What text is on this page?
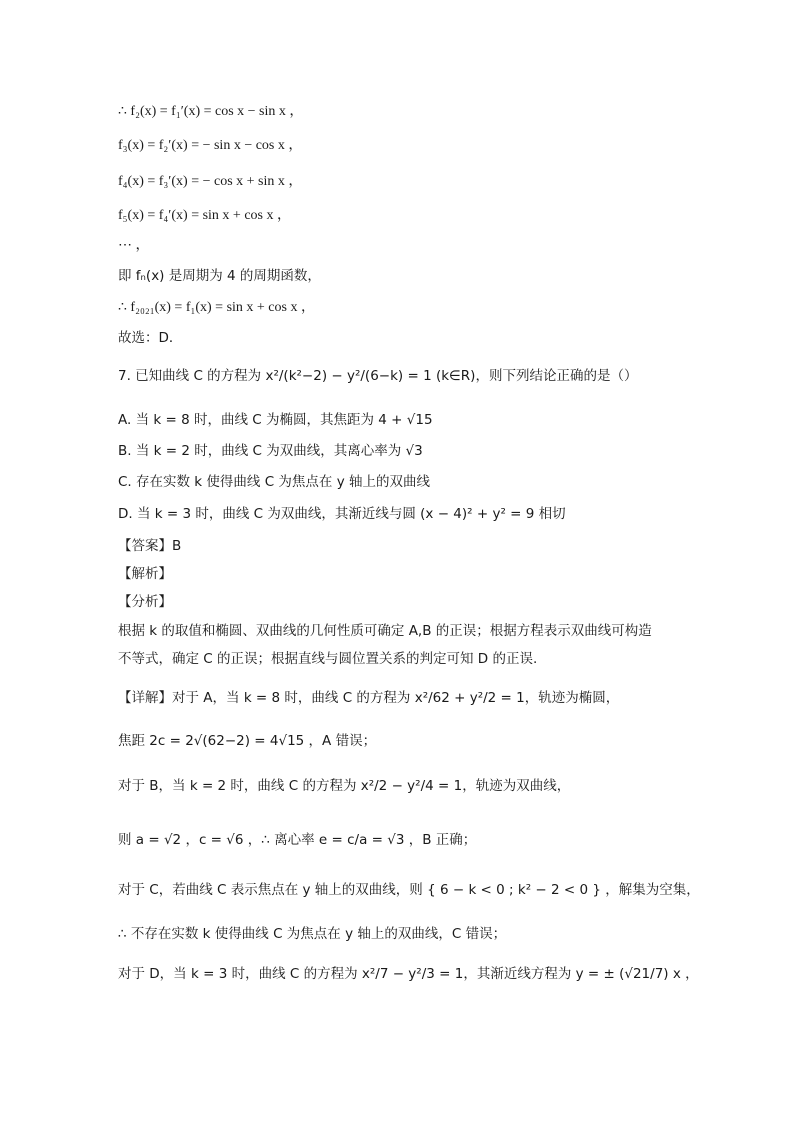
∴ f₂(x) = f₁′(x) = cos x − sin x ，
f₃(x) = f₂′(x) = − sin x − cos x ，
f₄(x) = f₃′(x) = − cos x + sin x ，
f₅(x) = f₄′(x) = sin x + cos x ，
⋯ ，
即 fₙ(x) 是周期为 4 的周期函数，
∴ f₂₀₂₁(x) = f₁(x) = sin x + cos x ，
故选：D．
7. 已知曲线 C 的方程为 x²/(k²−2) − y²/(6−k) = 1 (k∈R)，则下列结论正确的是（）
A. 当 k = 8 时，曲线 C 为椭圆，其焦距为 4 + √15
B. 当 k = 2 时，曲线 C 为双曲线，其离心率为 √3
C. 存在实数 k 使得曲线 C 为焦点在 y 轴上的双曲线
D. 当 k = 3 时，曲线 C 为双曲线，其渐近线与圆 (x − 4)² + y² = 9 相切
【答案】B
【解析】
【分析】
根据 k 的取值和椭圆、双曲线的几何性质可确定 A,B 的正误；根据方程表示双曲线可构造
不等式，确定 C 的正误；根据直线与圆位置关系的判定可知 D 的正误.
【详解】对于 A，当 k = 8 时，曲线 C 的方程为 x²/62 + y²/2 = 1，轨迹为椭圆，
焦距 2c = 2√(62−2) = 4√15 ，A 错误；
对于 B，当 k = 2 时，曲线 C 的方程为 x²/2 − y²/4 = 1，轨迹为双曲线，
则 a = √2 ，c = √6 ，∴ 离心率 e = c/a = √3 ，B 正确；
对于 C，若曲线 C 表示焦点在 y 轴上的双曲线，则 { 6 − k < 0 ; k² − 2 < 0 } ，解集为空集，
∴ 不存在实数 k 使得曲线 C 为焦点在 y 轴上的双曲线，C 错误；
对于 D，当 k = 3 时，曲线 C 的方程为 x²/7 − y²/3 = 1，其渐近线方程为 y = ± (√21/7) x ，
